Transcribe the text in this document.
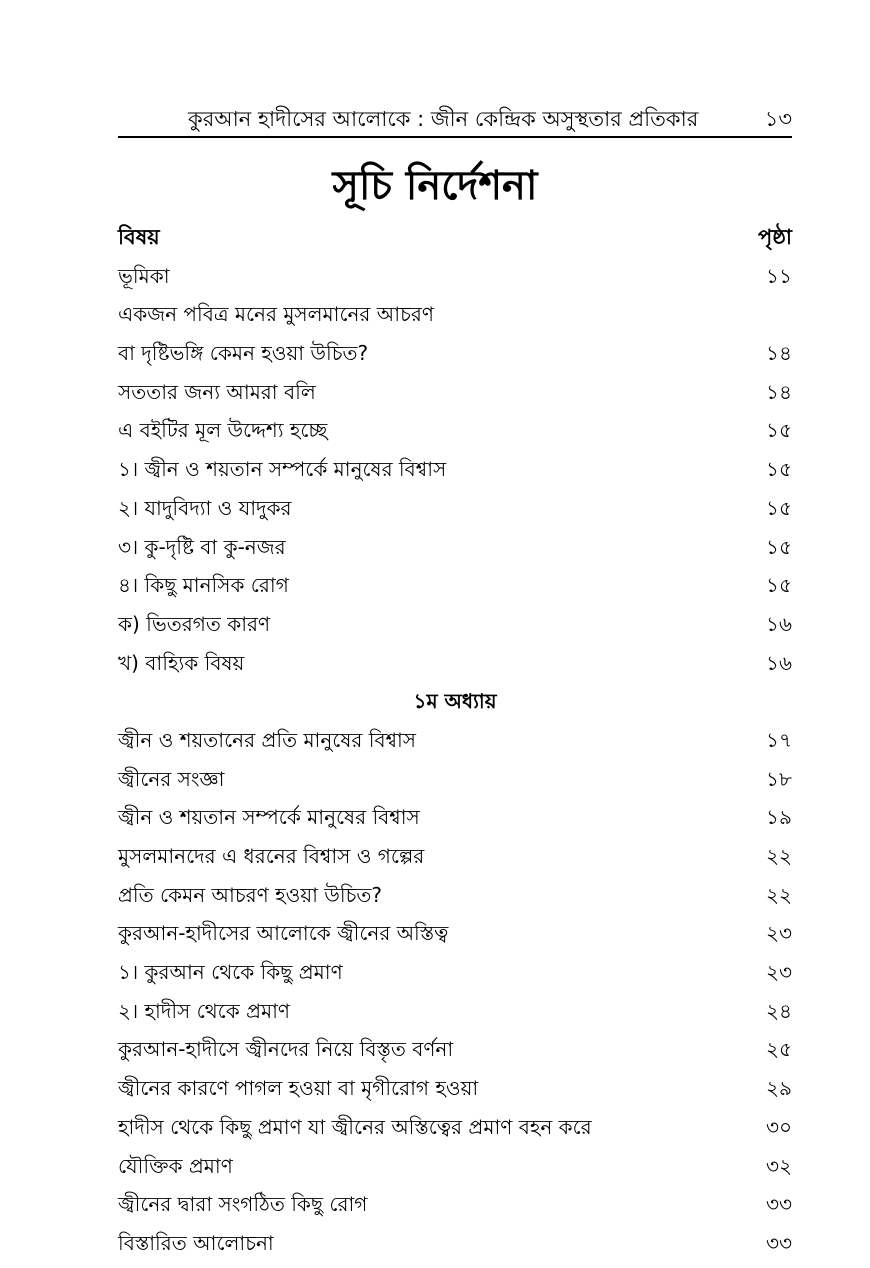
কুরআন হাদীসের আলোকে : জীন কেন্দ্রিক অসুস্থতার প্রতিকার	১৩
সূচি নির্দেশনা
বিষয়	পৃষ্ঠা
ভূমিকা	১১
একজন পবিত্র মনের মুসলমানের আচরণ
বা দৃষ্টিভঙ্গি কেমন হওয়া উচিত?	১৪
সততার জন্য আমরা বলি	১৪
এ বইটির মূল উদ্দেশ্য হচ্ছে	১৫
১। জ্বীন ও শয়তান সম্পর্কে মানুষের বিশ্বাস	১৫
২। যাদুবিদ্যা ও যাদুকর	১৫
৩। কু-দৃষ্টি বা কু-নজর	১৫
৪। কিছু মানসিক রোগ	১৫
ক) ভিতরগত কারণ	১৬
খ) বাহ্যিক বিষয়	১৬
১ম অধ্যায়
জ্বীন ও শয়তানের প্রতি মানুষের বিশ্বাস	১৭
জ্বীনের সংজ্ঞা	১৮
জ্বীন ও শয়তান সম্পর্কে মানুষের বিশ্বাস	১৯
মুসলমানদের এ ধরনের বিশ্বাস ও গল্পের	২২
প্রতি কেমন আচরণ হওয়া উচিত?	২২
কুরআন-হাদীসের আলোকে জ্বীনের অস্তিত্ব	২৩
১। কুরআন থেকে কিছু প্রমাণ	২৩
২। হাদীস থেকে প্রমাণ	২৪
কুরআন-হাদীসে জ্বীনদের নিয়ে বিস্তৃত বর্ণনা	২৫
জ্বীনের কারণে পাগল হওয়া বা মৃগীরোগ হওয়া	২৯
হাদীস থেকে কিছু প্রমাণ যা জ্বীনের অস্তিত্বের প্রমাণ বহন করে	৩০
যৌক্তিক প্রমাণ	৩২
জ্বীনের দ্বারা সংগঠিত কিছু রোগ	৩৩
বিস্তারিত আলোচনা	৩৩
